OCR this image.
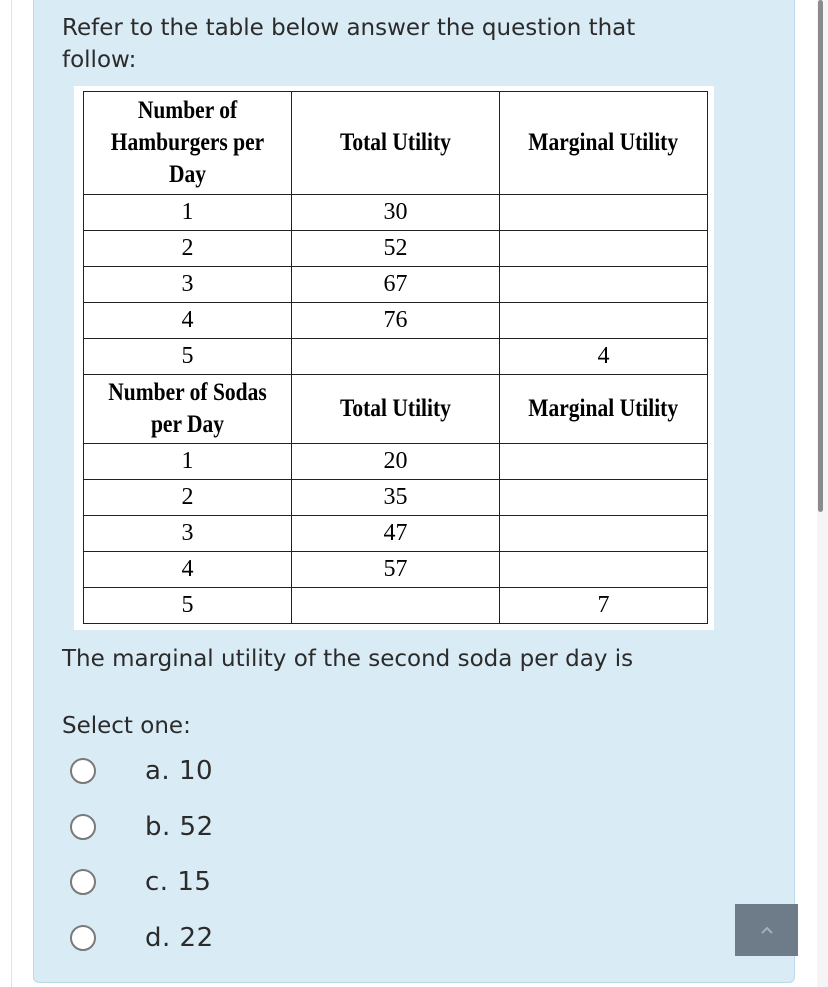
Refer to the table below answer the question that follow:
Number of Hamburgers per Day	Total Utility	Marginal Utility
1	30	
2	52	
3	67	
4	76	
5		4
Number of Sodas per Day	Total Utility	Marginal Utility
1	20	
2	35	
3	47	
4	57	
5		7
The marginal utility of the second soda per day is
Select one:
a. 10
b. 52
c. 15
d. 22
